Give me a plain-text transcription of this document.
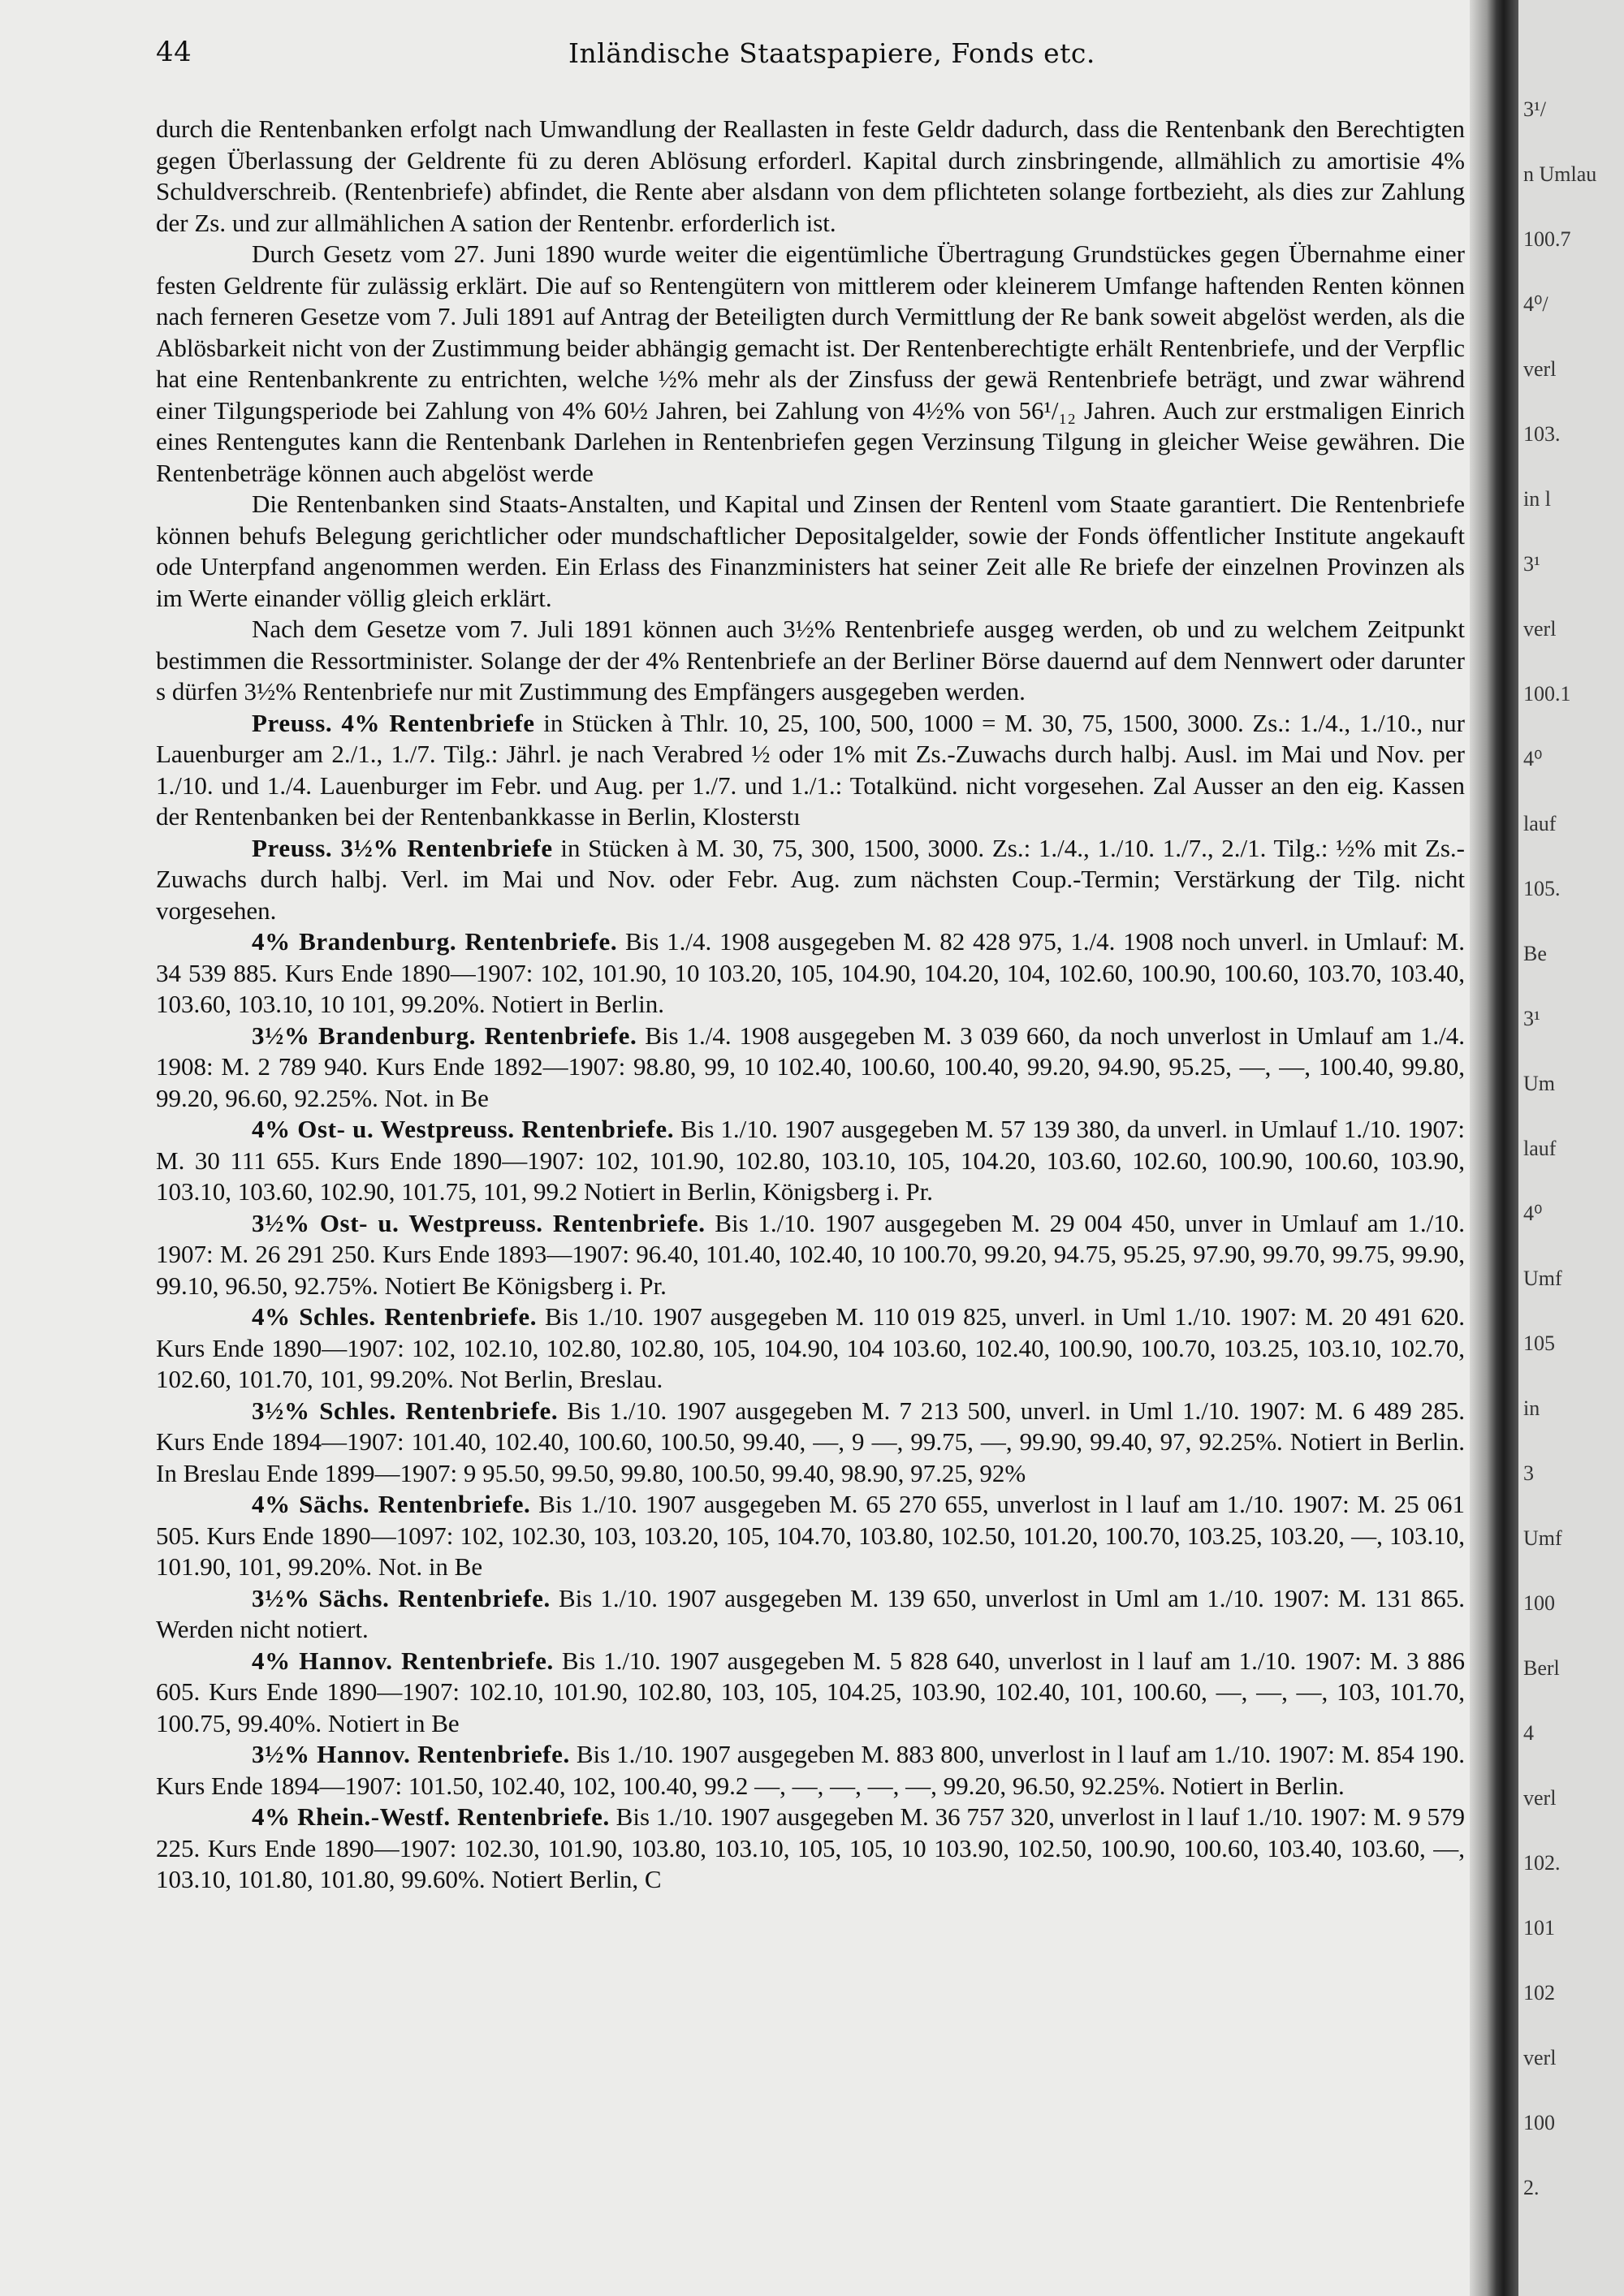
44	Inländische Staatspapiere, Fonds etc.

durch die Rentenbanken erfolgt nach Umwandlung der Reallasten in feste Geldr dadurch, dass die Rentenbank den Berechtigten gegen Überlassung der Geldrente fü zu deren Ablösung erforderl. Kapital durch zinsbringende, allmählich zu amortisie 4% Schuldverschreib. (Rentenbriefe) abfindet, die Rente aber alsdann von dem pflichteten solange fortbezieht, als dies zur Zahlung der Zs. und zur allmählichen A sation der Rentenbr. erforderlich ist.

Durch Gesetz vom 27. Juni 1890 wurde weiter die eigentümliche Übertragung Grundstückes gegen Übernahme einer festen Geldrente für zulässig erklärt. Die auf so Rentengütern von mittlerem oder kleinerem Umfange haftenden Renten können nach ferneren Gesetze vom 7. Juli 1891 auf Antrag der Beteiligten durch Vermittlung der Re bank soweit abgelöst werden, als die Ablösbarkeit nicht von der Zustimmung beider abhängig gemacht ist. Der Rentenberechtigte erhält Rentenbriefe, und der Verpflic hat eine Rentenbankrente zu entrichten, welche ½% mehr als der Zinsfuss der gewä Rentenbriefe beträgt, und zwar während einer Tilgungsperiode bei Zahlung von 4% 60½ Jahren, bei Zahlung von 4½% von 56¹/₁₂ Jahren. Auch zur erstmaligen Einrich eines Rentengutes kann die Rentenbank Darlehen in Rentenbriefen gegen Verzinsung Tilgung in gleicher Weise gewähren. Die Rentenbeträge können auch abgelöst werde

Die Rentenbanken sind Staats-Anstalten, und Kapital und Zinsen der Rentenl vom Staate garantiert. Die Rentenbriefe können behufs Belegung gerichtlicher oder mundschaftlicher Depositalgelder, sowie der Fonds öffentlicher Institute angekauft ode Unterpfand angenommen werden. Ein Erlass des Finanzministers hat seiner Zeit alle Re briefe der einzelnen Provinzen als im Werte einander völlig gleich erklärt.

Nach dem Gesetze vom 7. Juli 1891 können auch 3½% Rentenbriefe ausgeg werden, ob und zu welchem Zeitpunkt bestimmen die Ressortminister. Solange der der 4% Rentenbriefe an der Berliner Börse dauernd auf dem Nennwert oder darunter s dürfen 3½% Rentenbriefe nur mit Zustimmung des Empfängers ausgegeben werden.

Preuss. 4% Rentenbriefe in Stücken à Thlr. 10, 25, 100, 500, 1000 = M. 30, 75, 1500, 3000. Zs.: 1./4., 1./10., nur Lauenburger am 2./1., 1./7. Tilg.: Jährl. je nach Verabred ½ oder 1% mit Zs.-Zuwachs durch halbj. Ausl. im Mai und Nov. per 1./10. und 1./4. Lauenburger im Febr. und Aug. per 1./7. und 1./1.: Totalkünd. nicht vorgesehen. Zal Ausser an den eig. Kassen der Rentenbanken bei der Rentenbankkasse in Berlin, Klosterstı

Preuss. 3½% Rentenbriefe in Stücken à M. 30, 75, 300, 1500, 3000. Zs.: 1./4., 1./10. 1./7., 2./1. Tilg.: ½% mit Zs.-Zuwachs durch halbj. Verl. im Mai und Nov. oder Febr. Aug. zum nächsten Coup.-Termin; Verstärkung der Tilg. nicht vorgesehen.

4% Brandenburg. Rentenbriefe. Bis 1./4. 1908 ausgegeben M. 82 428 975, 1./4. 1908 noch unverl. in Umlauf: M. 34 539 885. Kurs Ende 1890—1907: 102, 101.90, 10 103.20, 105, 104.90, 104.20, 104, 102.60, 100.90, 100.60, 103.70, 103.40, 103.60, 103.10, 10 101, 99.20%. Notiert in Berlin.

3½% Brandenburg. Rentenbriefe. Bis 1./4. 1908 ausgegeben M. 3 039 660, da noch unverlost in Umlauf am 1./4. 1908: M. 2 789 940. Kurs Ende 1892—1907: 98.80, 99, 10 102.40, 100.60, 100.40, 99.20, 94.90, 95.25, —, —, 100.40, 99.80, 99.20, 96.60, 92.25%. Not. in Be

4% Ost- u. Westpreuss. Rentenbriefe. Bis 1./10. 1907 ausgegeben M. 57 139 380, da unverl. in Umlauf 1./10. 1907: M. 30 111 655. Kurs Ende 1890—1907: 102, 101.90, 102.80, 103.10, 105, 104.20, 103.60, 102.60, 100.90, 100.60, 103.90, 103.10, 103.60, 102.90, 101.75, 101, 99.2 Notiert in Berlin, Königsberg i. Pr.

3½% Ost- u. Westpreuss. Rentenbriefe. Bis 1./10. 1907 ausgegeben M. 29 004 450, unver in Umlauf am 1./10. 1907: M. 26 291 250. Kurs Ende 1893—1907: 96.40, 101.40, 102.40, 10 100.70, 99.20, 94.75, 95.25, 97.90, 99.70, 99.75, 99.90, 99.10, 96.50, 92.75%. Notiert Be Königsberg i. Pr.

4% Schles. Rentenbriefe. Bis 1./10. 1907 ausgegeben M. 110 019 825, unverl. in Uml 1./10. 1907: M. 20 491 620. Kurs Ende 1890—1907: 102, 102.10, 102.80, 102.80, 105, 104.90, 104 103.60, 102.40, 100.90, 100.70, 103.25, 103.10, 102.70, 102.60, 101.70, 101, 99.20%. Not Berlin, Breslau.

3½% Schles. Rentenbriefe. Bis 1./10. 1907 ausgegeben M. 7 213 500, unverl. in Uml 1./10. 1907: M. 6 489 285. Kurs Ende 1894—1907: 101.40, 102.40, 100.60, 100.50, 99.40, —, 9 —, 99.75, —, 99.90, 99.40, 97, 92.25%. Notiert in Berlin. In Breslau Ende 1899—1907: 9 95.50, 99.50, 99.80, 100.50, 99.40, 98.90, 97.25, 92%

4% Sächs. Rentenbriefe. Bis 1./10. 1907 ausgegeben M. 65 270 655, unverlost in l lauf am 1./10. 1907: M. 25 061 505. Kurs Ende 1890—1097: 102, 102.30, 103, 103.20, 105, 104.70, 103.80, 102.50, 101.20, 100.70, 103.25, 103.20, —, 103.10, 101.90, 101, 99.20%. Not. in Be

3½% Sächs. Rentenbriefe. Bis 1./10. 1907 ausgegeben M. 139 650, unverlost in Uml am 1./10. 1907: M. 131 865. Werden nicht notiert.

4% Hannov. Rentenbriefe. Bis 1./10. 1907 ausgegeben M. 5 828 640, unverlost in l lauf am 1./10. 1907: M. 3 886 605. Kurs Ende 1890—1907: 102.10, 101.90, 102.80, 103, 105, 104.25, 103.90, 102.40, 101, 100.60, —, —, —, 103, 101.70, 100.75, 99.40%. Notiert in Be

3½% Hannov. Rentenbriefe. Bis 1./10. 1907 ausgegeben M. 883 800, unverlost in l lauf am 1./10. 1907: M. 854 190. Kurs Ende 1894—1907: 101.50, 102.40, 102, 100.40, 99.2 —, —, —, —, —, 99.20, 96.50, 92.25%. Notiert in Berlin.

4% Rhein.-Westf. Rentenbriefe. Bis 1./10. 1907 ausgegeben M. 36 757 320, unverlost in l lauf 1./10. 1907: M. 9 579 225. Kurs Ende 1890—1907: 102.30, 101.90, 103.80, 103.10, 105, 105, 10 103.90, 102.50, 100.90, 100.60, 103.40, 103.60, —, 103.10, 101.80, 101.80, 99.60%. Notiert Berlin, C

3¹/
n Umlau
100.7
4⁰/
verl
103.
in l
3¹
verl
100.1
4⁰
lauf
105.
Be
3¹
Um
lauf
4⁰
Umf
105
in
3
Umf
100
Berl
4
verl
102.
101
102
verl
100
2.
